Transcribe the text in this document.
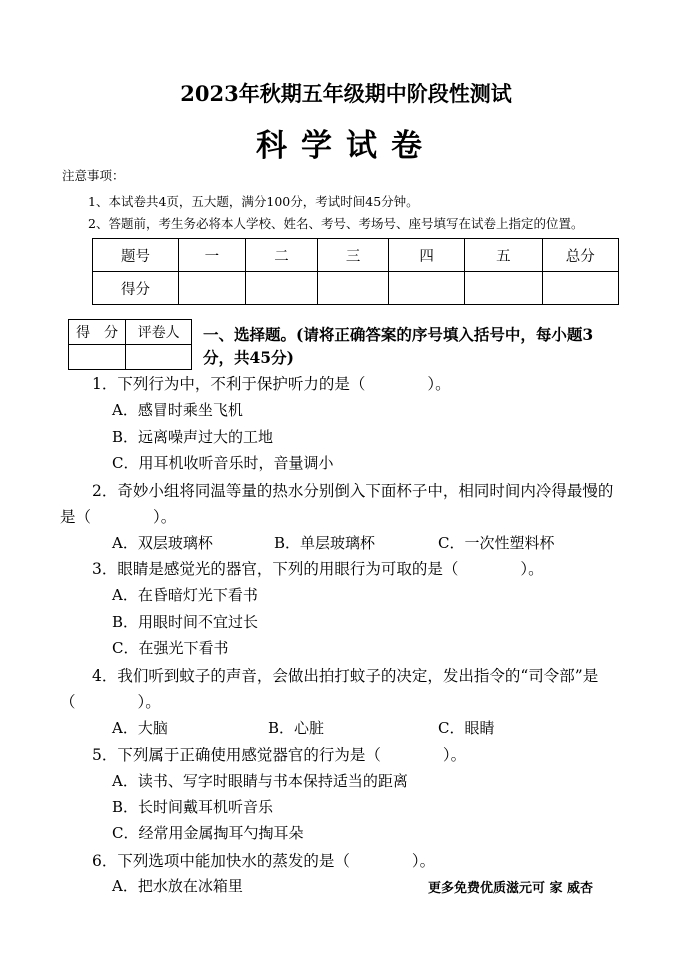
2023年秋期五年级期中阶段性测试
科学试卷
注意事项：
1、本试卷共4页，五大题，满分100分，考试时间45分钟。
2、答题前，考生务必将本人学校、姓名、考号、考场号、座号填写在试卷上指定的位置。
题号	一	二	三	四	五	总分
得分						
得　分	评卷人
	一、选择题。(请将正确答案的序号填入括号中，每小题3分，共45分)
1．下列行为中，不利于保护听力的是（　　　　）。
A．感冒时乘坐飞机
B．远离噪声过大的工地
C．用耳机收听音乐时，音量调小
2．奇妙小组将同温等量的热水分别倒入下面杯子中，相同时间内冷得最慢的
是（　　　　）。
A．双层玻璃杯	B．单层玻璃杯	C．一次性塑料杯
3．眼睛是感觉光的器官，下列的用眼行为可取的是（　　　　）。
A．在昏暗灯光下看书
B．用眼时间不宜过长
C．在强光下看书
4．我们听到蚊子的声音，会做出拍打蚊子的决定，发出指令的“司令部”是
（　　　　）。
A．大脑	B．心脏	C．眼睛
5．下列属于正确使用感觉器官的行为是（　　　　）。
A．读书、写字时眼睛与书本保持适当的距离
B．长时间戴耳机听音乐
C．经常用金属掏耳勺掏耳朵
6．下列选项中能加快水的蒸发的是（　　　　）。
A．把水放在冰箱里	更多免费优质滋元可 家 威杏
